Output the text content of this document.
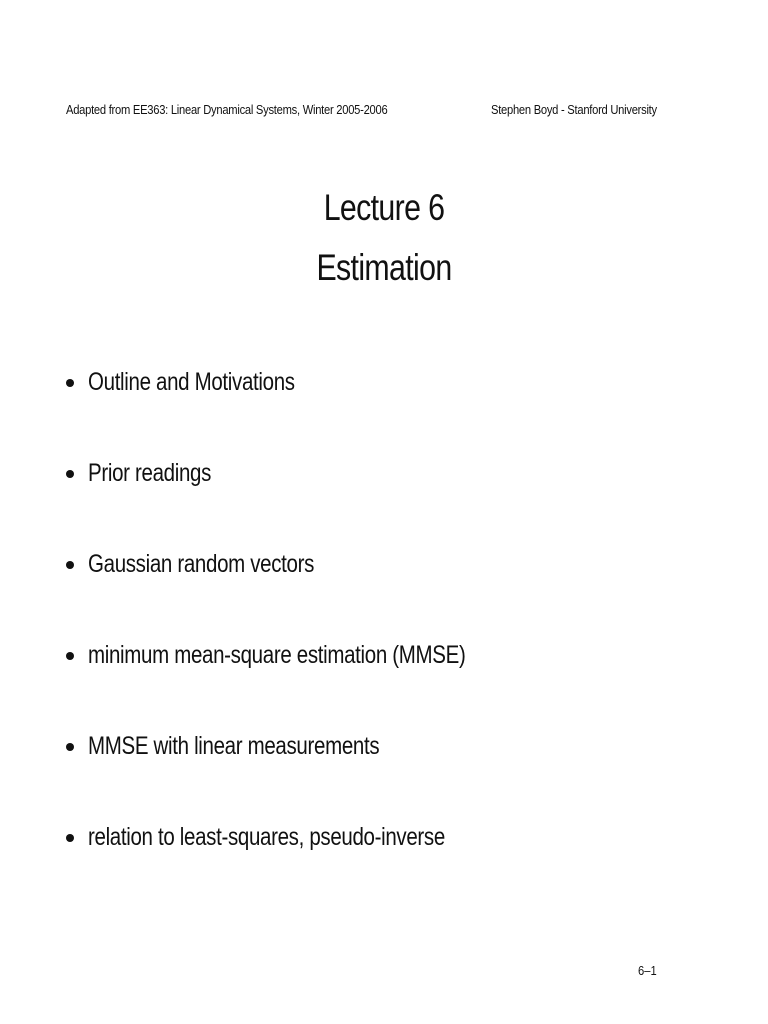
Adapted from EE363: Linear Dynamical Systems, Winter 2005-2006	Stephen Boyd - Stanford University
Lecture 6
Estimation
Outline and Motivations
Prior readings
Gaussian random vectors
minimum mean-square estimation (MMSE)
MMSE with linear measurements
relation to least-squares, pseudo-inverse
6–1
